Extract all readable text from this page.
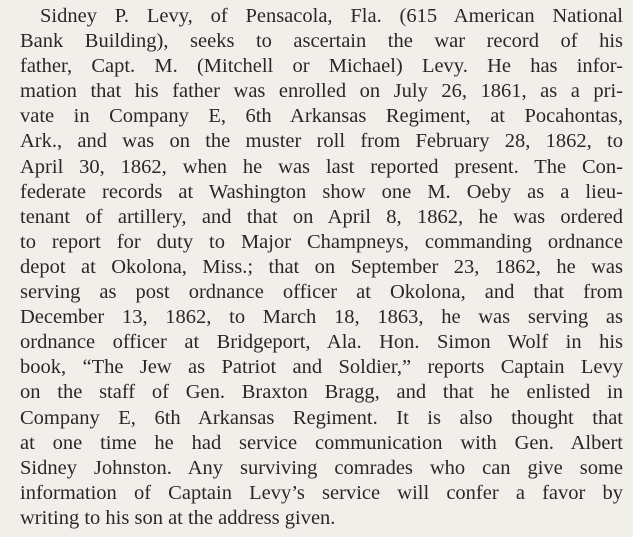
Sidney P. Levy, of Pensacola, Fla. (615 American National
Bank Building), seeks to ascertain the war record of his
father, Capt. M. (Mitchell or Michael) Levy. He has infor-
mation that his father was enrolled on July 26, 1861, as a pri-
vate in Company E, 6th Arkansas Regiment, at Pocahontas,
Ark., and was on the muster roll from February 28, 1862, to
April 30, 1862, when he was last reported present. The Con-
federate records at Washington show one M. Oeby as a lieu-
tenant of artillery, and that on April 8, 1862, he was ordered
to report for duty to Major Champneys, commanding ordnance
depot at Okolona, Miss.; that on September 23, 1862, he was
serving as post ordnance officer at Okolona, and that from
December 13, 1862, to March 18, 1863, he was serving as
ordnance officer at Bridgeport, Ala. Hon. Simon Wolf in his
book, “The Jew as Patriot and Soldier,” reports Captain Levy
on the staff of Gen. Braxton Bragg, and that he enlisted in
Company E, 6th Arkansas Regiment. It is also thought that
at one time he had service communication with Gen. Albert
Sidney Johnston. Any surviving comrades who can give some
information of Captain Levy’s service will confer a favor by
writing to his son at the address given.
